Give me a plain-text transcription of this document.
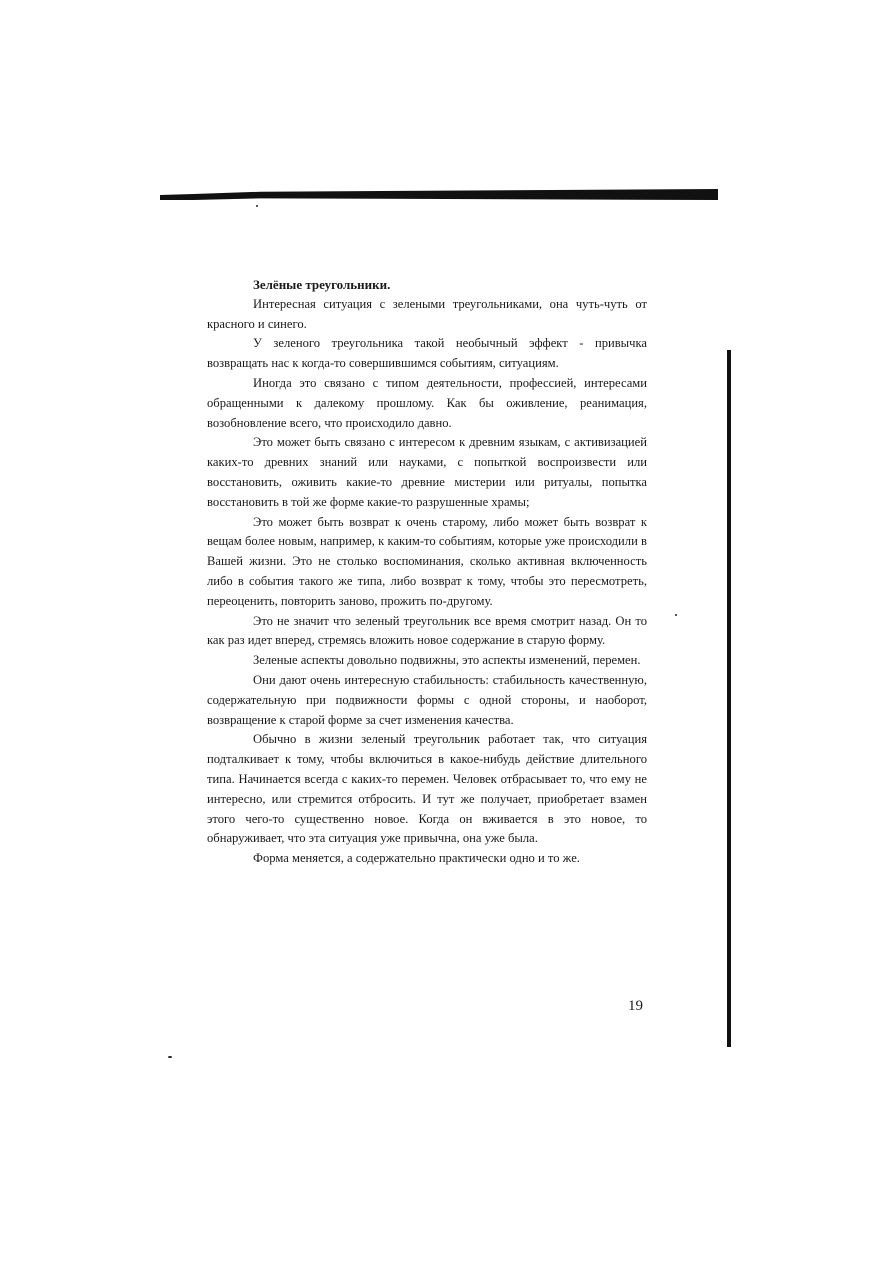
Зелёные треугольники.

Интересная ситуация с зелеными треугольниками, она чуть-чуть от красного и синего.

У зеленого треугольника такой необычный эффект - привычка возвращать нас к когда-то совершившимся событиям, ситуациям.

Иногда это связано с типом деятельности, профессией, интересами обращенными к далекому прошлому. Как бы оживление, реанимация, возобновление всего, что происходило давно.

Это может быть связано с интересом к древним языкам, с активизацией каких-то древних знаний или науками, с попыткой воспроизвести или восстановить, оживить какие-то древние мистерии или ритуалы, попытка восстановить в той же форме какие-то разрушенные храмы;

Это может быть возврат к очень старому, либо может быть возврат к вещам более новым, например, к каким-то событиям, которые уже происходили в Вашей жизни. Это не столько воспоминания, сколько активная включенность либо в события такого же типа, либо возврат к тому, чтобы это пересмотреть, переоценить, повторить заново, прожить по-другому.

Это не значит что зеленый треугольник все время смотрит назад. Он то как раз идет вперед, стремясь вложить новое содержание в старую форму.

Зеленые аспекты довольно подвижны, это аспекты изменений, перемен.

Они дают очень интересную стабильность: стабильность качественную, содержательную при подвижности формы с одной стороны, и наоборот, возвращение к старой форме за счет изменения качества.

Обычно в жизни зеленый треугольник работает так, что ситуация подталкивает к тому, чтобы включиться в какое-нибудь действие длительного типа. Начинается всегда с каких-то перемен. Человек отбрасывает то, что ему не интересно, или стремится отбросить. И тут же получает, приобретает взамен этого чего-то существенно новое. Когда он вживается в это новое, то обнаруживает, что эта ситуация уже привычна, она уже была.

Форма меняется, а содержательно практически одно и то же.

19
